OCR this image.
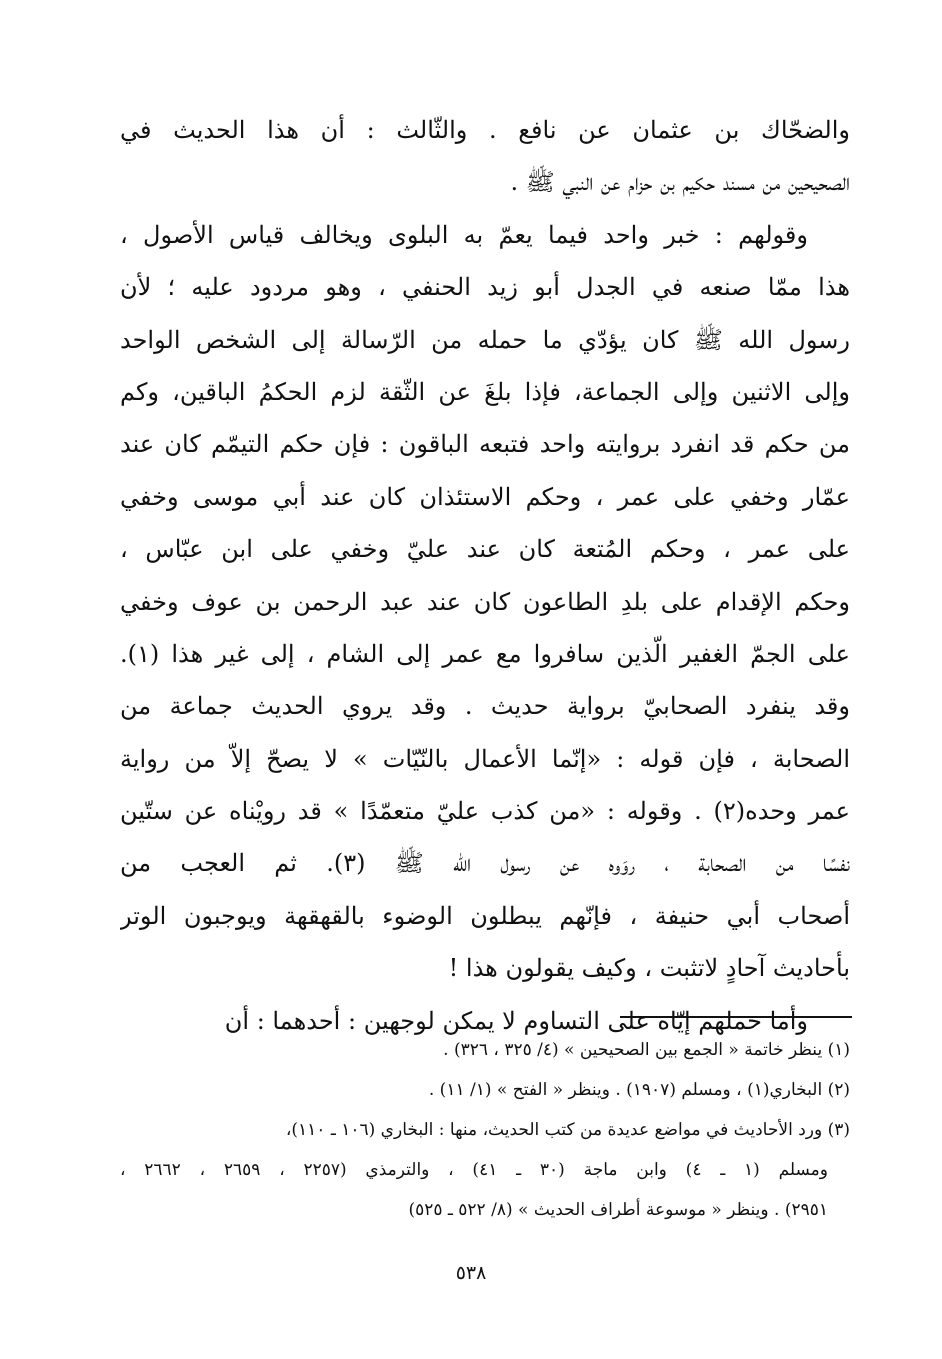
والضحّاك بن عثمان عن نافع . والثّالث : أن هذا الحديث في
الصحيحين من مسند حكيم بن حزام عن النبي ﷺ .
وقولهم : خبر واحد فيما يعمّ به البلوى ويخالف قياس الأصول ،
هذا ممّا صنعه في الجدل أبو زيد الحنفي ، وهو مردود عليه ؛ لأن
رسول الله ﷺ كان يؤدّي ما حمله من الرّسالة إلى الشخص الواحد
وإلى الاثنين وإلى الجماعة، فإذا بلغَ عن الثّقة لزم الحكمُ الباقين، وكم
من حكم قد انفرد بروايته واحد فتبعه الباقون : فإن حكم التيمّم كان عند
عمّار وخفي على عمر ، وحكم الاستئذان كان عند أبي موسى وخفي
على عمر ، وحكم المُتعة كان عند عليّ وخفي على ابن عبّاس ،
وحكم الإقدام على بلدِ الطاعون كان عند عبد الرحمن بن عوف وخفي
على الجمّ الغفير الّذين سافروا مع عمر إلى الشام ، إلى غير هذا (١).
وقد ينفرد الصحابيّ برواية حديث . وقد يروي الحديث جماعة من
الصحابة ، فإن قوله : «إنّما الأعمال بالنّيّات » لا يصحّ إلاّ من رواية
عمر وحده(٢) . وقوله : «من كذب عليّ متعمّدًا » قد رويْناه عن ستّين
نفسًا من الصحابة ، روَوه عن رسول الله ﷺ (٣). ثم العجب من
أصحاب أبي حنيفة ، فإنّهم يبطلون الوضوء بالقهقهة ويوجبون الوتر
بأحاديث آحادٍ لاتثبت ، وكيف يقولون هذا !
وأما حملهم إيّاه على التساوم لا يمكن لوجهين : أحدهما : أن
(١) ينظر خاتمة « الجمع بين الصحيحين » (٤/ ٣٢٥ ، ٣٢٦) .
(٢) البخاري(١) ، ومسلم (١٩٠٧) . وينظر « الفتح » (١/ ١١) .
(٣) ورد الأحاديث في مواضع عديدة من كتب الحديث، منها : البخاري (١٠٦ ـ ١١٠)،
ومسلم (١ ـ ٤) وابن ماجة (٣٠ ـ ٤١) ، والترمذي (٢٢٥٧ ، ٢٦٥٩ ، ٢٦٦٢ ،
٢٩٥١) . وينظر « موسوعة أطراف الحديث » (٨/ ٥٢٢ ـ ٥٢٥)
٥٣٨
